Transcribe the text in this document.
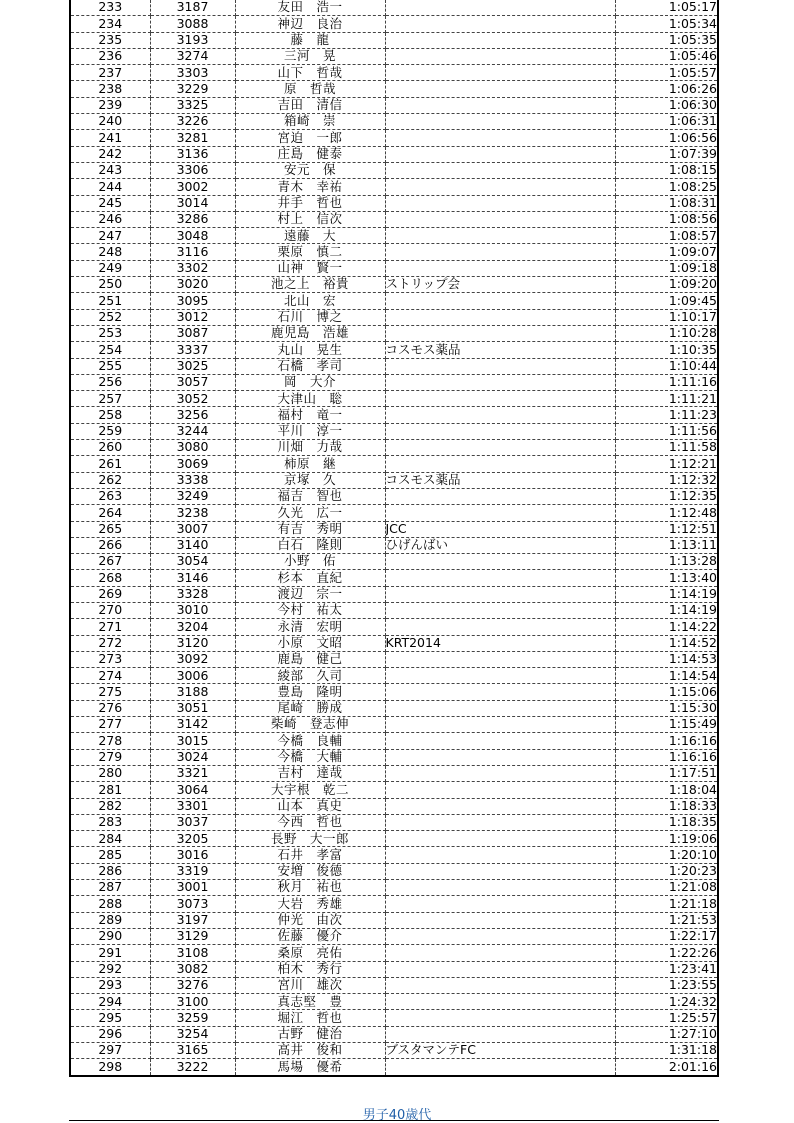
233	3187	友田　浩一		1:05:17
234	3088	神辺　良治		1:05:34
235	3193	藤　龍		1:05:35
236	3274	三河　晃		1:05:46
237	3303	山下　哲哉		1:05:57
238	3229	原　哲哉		1:06:26
239	3325	吉田　清信		1:06:30
240	3226	箱崎　崇		1:06:31
241	3281	宮迫　一郎		1:06:56
242	3136	庄島　健泰		1:07:39
243	3306	安元　保		1:08:15
244	3002	青木　幸祐		1:08:25
245	3014	井手　哲也		1:08:31
246	3286	村上　信次		1:08:56
247	3048	遠藤　大		1:08:57
248	3116	栗原　慎二		1:09:07
249	3302	山神　賢一		1:09:18
250	3020	池之上　裕貴	ストリップ会	1:09:20
251	3095	北山　宏		1:09:45
252	3012	石川　博之		1:10:17
253	3087	鹿児島　浩雄		1:10:28
254	3337	丸山　晃生	コスモス薬品	1:10:35
255	3025	石橋　孝司		1:10:44
256	3057	岡　大介		1:11:16
257	3052	大津山　聡		1:11:21
258	3256	福村　竜一		1:11:23
259	3244	平川　淳一		1:11:56
260	3080	川畑　力哉		1:11:58
261	3069	柿原　継		1:12:21
262	3338	京塚　久	コスモス薬品	1:12:32
263	3249	福吉　智也		1:12:35
264	3238	久光　広一		1:12:48
265	3007	有吉　秀明	JCC	1:12:51
266	3140	白石　隆則	ひげんばい	1:13:11
267	3054	小野　佑		1:13:28
268	3146	杉本　直紀		1:13:40
269	3328	渡辺　宗一		1:14:19
270	3010	今村　祐太		1:14:19
271	3204	永清　宏明		1:14:22
272	3120	小原　文昭	KRT2014	1:14:52
273	3092	鹿島　健己		1:14:53
274	3006	綾部　久司		1:14:54
275	3188	豊島　隆明		1:15:06
276	3051	尾崎　勝成		1:15:30
277	3142	柴崎　登志伸		1:15:49
278	3015	今橋　良輔		1:16:16
279	3024	今橋　大輔		1:16:16
280	3321	吉村　達哉		1:17:51
281	3064	大宇根　乾二		1:18:04
282	3301	山本　真史		1:18:33
283	3037	今西　哲也		1:18:35
284	3205	長野　大一郎		1:19:06
285	3016	石井　孝富		1:20:10
286	3319	安増　俊德		1:20:23
287	3001	秋月　祐也		1:21:08
288	3073	大岩　秀雄		1:21:18
289	3197	仲光　由次		1:21:53
290	3129	佐藤　優介		1:22:17
291	3108	桑原　亮佑		1:22:26
292	3082	柏木　秀行		1:23:41
293	3276	宮川　雄次		1:23:55
294	3100	真志堅　豊		1:24:32
295	3259	堀江　哲也		1:25:57
296	3254	古野　健治		1:27:10
297	3165	高井　俊和	ブスタマンテFC	1:31:18
298	3222	馬場　優希		2:01:16
男子40歳代
